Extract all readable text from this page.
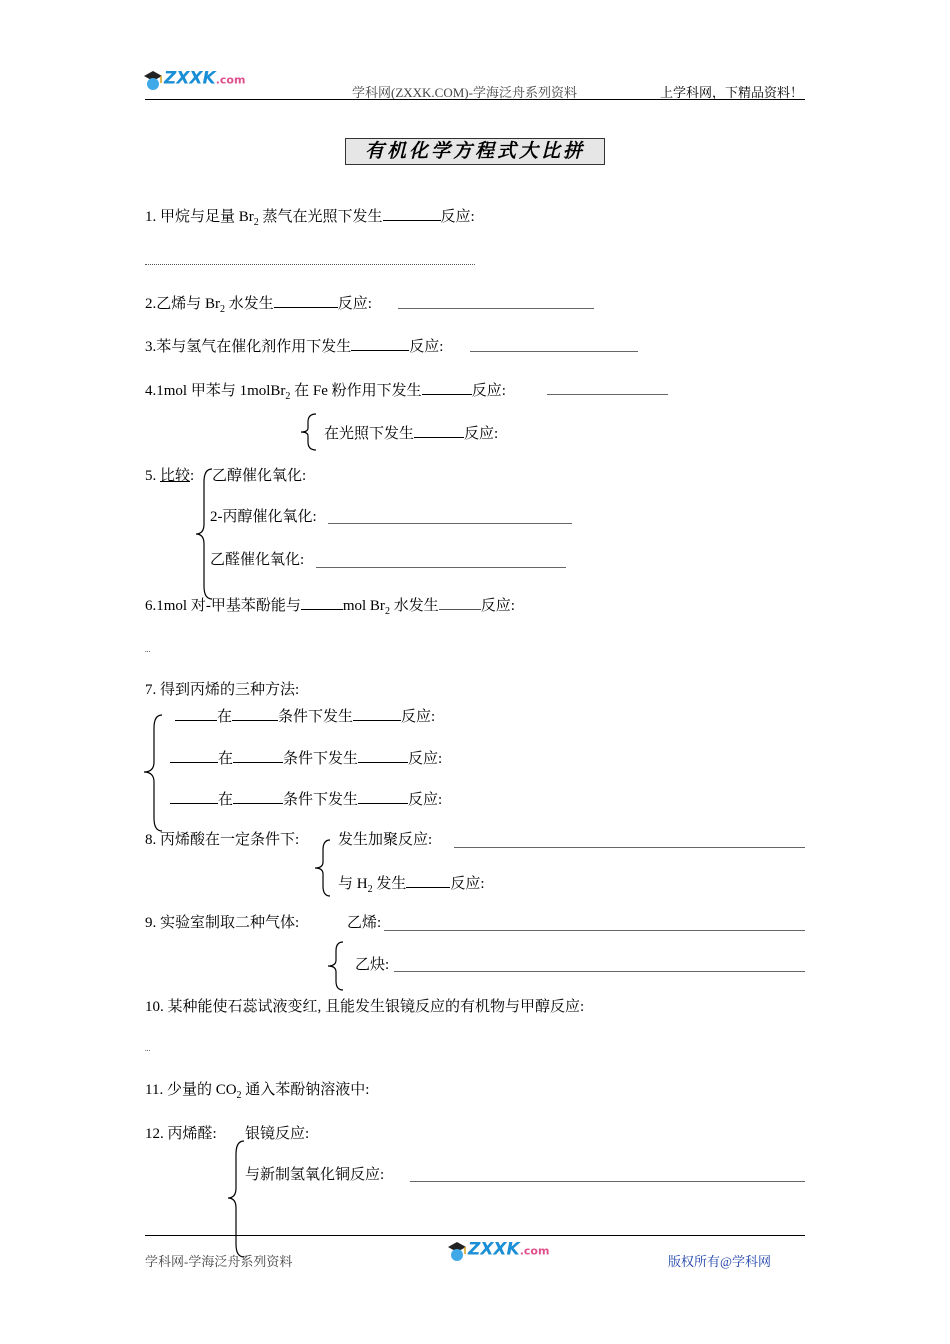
ZXXK.com
学科网(ZXXK.COM)-学海泛舟系列资料	上学科网，下精品资料！
有机化学方程式大比拼
1. 甲烷与足量 $Br_2$ 蒸气在光照下发生	反应:
2.乙烯与 $Br_2$ 水发生	反应:
3.苯与氢气在催化剂作用下发生	反应:
4.1mol 甲苯与 1molBr$_2$ 在 Fe 粉作用下发生	反应:
在光照下发生	反应:
5. 比较: 乙醇催化氧化:
2-丙醇催化氧化:
乙醛催化氧化:
6.1mol 对-甲基苯酚能与	mol $Br_2$ 水发生	反应:
...
7. 得到丙烯的三种方法:
在	条件下发生	反应:
在	条件下发生	反应:
在	条件下发生	反应:
8. 丙烯酸在一定条件下:	发生加聚反应:
与 $H_2$ 发生	反应:
9. 实验室制取二种气体:	乙烯:
乙炔:
10. 某种能使石蕊试液变红, 且能发生银镜反应的有机物与甲醇反应:
...
11. 少量的 $CO_2$ 通入苯酚钠溶液中:
12. 丙烯醛: 银镜反应:
与新制氢氧化铜反应:
学科网-学海泛舟系列资料
ZXXK.com
版权所有@学科网
